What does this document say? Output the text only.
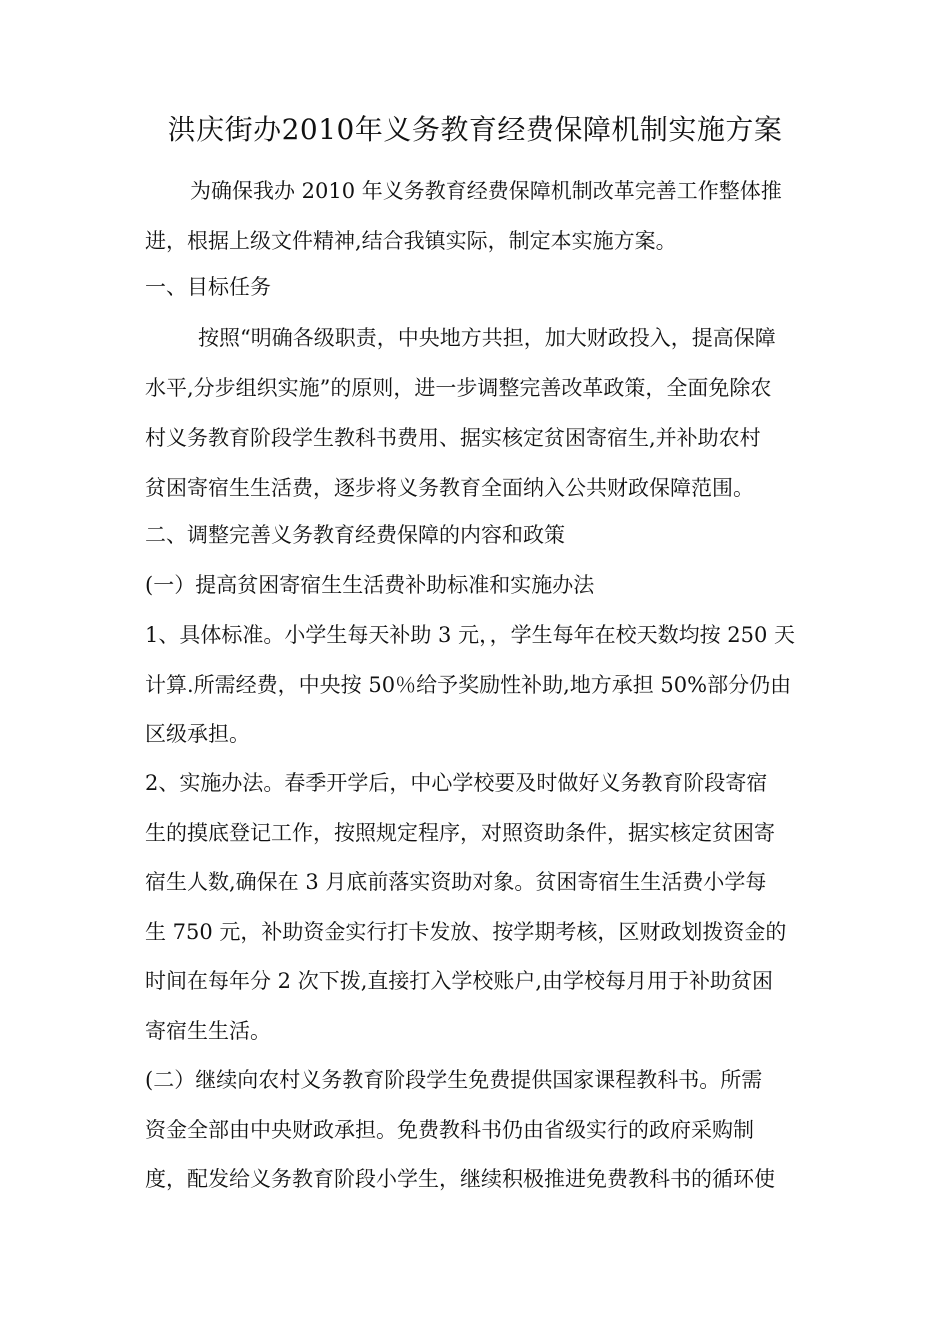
洪庆街办2010年义务教育经费保障机制实施方案
为确保我办 2010 年义务教育经费保障机制改革完善工作整体推
进，根据上级文件精神,结合我镇实际，制定本实施方案。
一、目标任务
按照“明确各级职责，中央地方共担，加大财政投入，提高保障
水平,分步组织实施”的原则，进一步调整完善改革政策，全面免除农
村义务教育阶段学生教科书费用、据实核定贫困寄宿生,并补助农村
贫困寄宿生生活费，逐步将义务教育全面纳入公共财政保障范围。
二、调整完善义务教育经费保障的内容和政策
(一）提高贫困寄宿生生活费补助标准和实施办法
1、具体标准。小学生每天补助 3 元，，学生每年在校天数均按 250 天
计算.所需经费，中央按 50％给予奖励性补助,地方承担 50%部分仍由
区级承担。
2、实施办法。春季开学后，中心学校要及时做好义务教育阶段寄宿
生的摸底登记工作，按照规定程序，对照资助条件，据实核定贫困寄
宿生人数,确保在 3 月底前落实资助对象。贫困寄宿生生活费小学每
生 750 元，补助资金实行打卡发放、按学期考核，区财政划拨资金的
时间在每年分 2 次下拨,直接打入学校账户,由学校每月用于补助贫困
寄宿生生活。
(二）继续向农村义务教育阶段学生免费提供国家课程教科书。所需
资金全部由中央财政承担。免费教科书仍由省级实行的政府采购制
度，配发给义务教育阶段小学生，继续积极推进免费教科书的循环使
